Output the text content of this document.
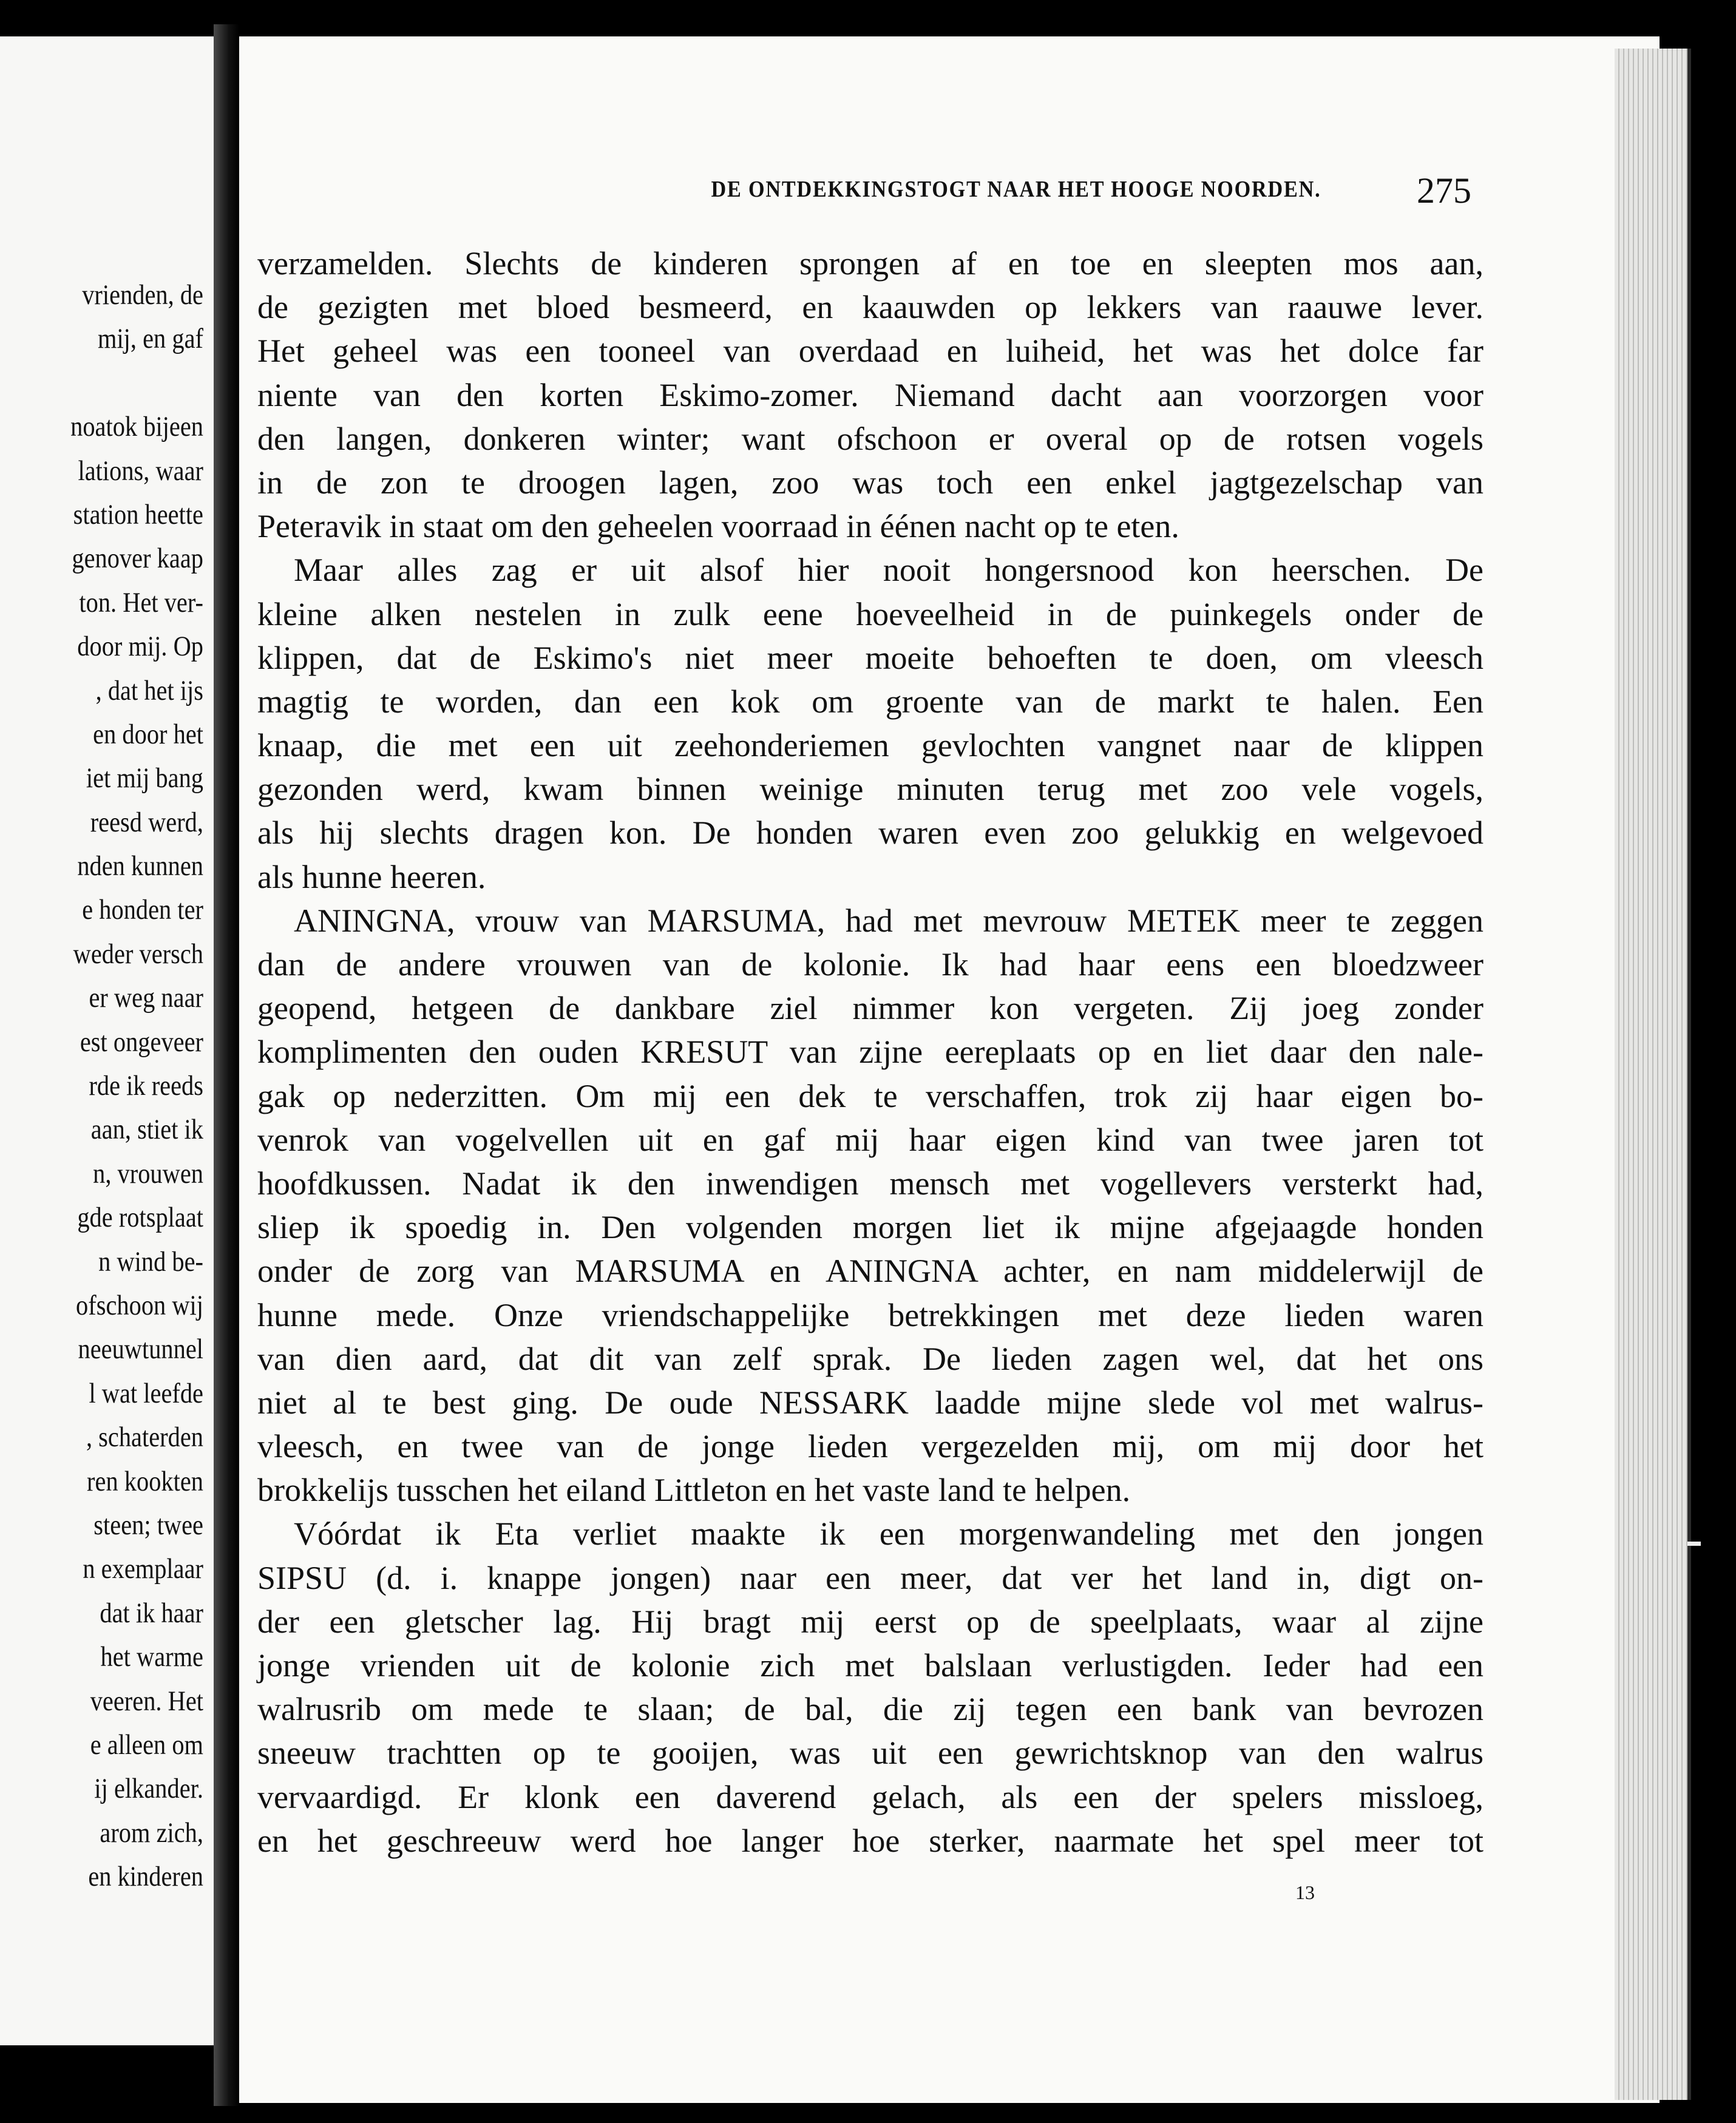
vrienden, de
mij, en gaf
noatok bijeen
lations, waar
station heette
genover kaap
ton. Het ver-
door mij. Op
, dat het ijs
en door het
iet mij bang
reesd werd,
nden kunnen
e honden ter
weder versch
er weg naar
est ongeveer
rde ik reeds
aan, stiet ik
n, vrouwen
gde rotsplaat
n wind be-
ofschoon wij
neeuwtunnel
l wat leefde
, schaterden
ren kookten
steen; twee
n exemplaar
dat ik haar
het warme
veeren. Het
e alleen om
ij elkander.
arom zich,
en kinderen
DE ONTDEKKINGSTOGT NAAR HET HOOGE NOORDEN.	275
verzamelden. Slechts de kinderen sprongen af en toe en sleepten mos aan,
de gezigten met bloed besmeerd, en kaauwden op lekkers van raauwe lever.
Het geheel was een tooneel van overdaad en luiheid, het was het dolce far
niente van den korten Eskimo-zomer. Niemand dacht aan voorzorgen voor
den langen, donkeren winter; want ofschoon er overal op de rotsen vogels
in de zon te droogen lagen, zoo was toch een enkel jagtgezelschap van
Peteravik in staat om den geheelen voorraad in éénen nacht op te eten.
Maar alles zag er uit alsof hier nooit hongersnood kon heerschen. De
kleine alken nestelen in zulk eene hoeveelheid in de puinkegels onder de
klippen, dat de Eskimo's niet meer moeite behoeften te doen, om vleesch
magtig te worden, dan een kok om groente van de markt te halen. Een
knaap, die met een uit zeehonderiemen gevlochten vangnet naar de klippen
gezonden werd, kwam binnen weinige minuten terug met zoo vele vogels,
als hij slechts dragen kon. De honden waren even zoo gelukkig en welgevoed
als hunne heeren.
ANINGNA, vrouw van MARSUMA, had met mevrouw METEK meer te zeggen
dan de andere vrouwen van de kolonie. Ik had haar eens een bloedzweer
geopend, hetgeen de dankbare ziel nimmer kon vergeten. Zij joeg zonder
komplimenten den ouden KRESUT van zijne eereplaats op en liet daar den nale-
gak op nederzitten. Om mij een dek te verschaffen, trok zij haar eigen bo-
venrok van vogelvellen uit en gaf mij haar eigen kind van twee jaren tot
hoofdkussen. Nadat ik den inwendigen mensch met vogellevers versterkt had,
sliep ik spoedig in. Den volgenden morgen liet ik mijne afgejaagde honden
onder de zorg van MARSUMA en ANINGNA achter, en nam middelerwijl de
hunne mede. Onze vriendschappelijke betrekkingen met deze lieden waren
van dien aard, dat dit van zelf sprak. De lieden zagen wel, dat het ons
niet al te best ging. De oude NESSARK laadde mijne slede vol met walrus-
vleesch, en twee van de jonge lieden vergezelden mij, om mij door het
brokkelijs tusschen het eiland Littleton en het vaste land te helpen.
Vóórdat ik Eta verliet maakte ik een morgenwandeling met den jongen
SIPSU (d. i. knappe jongen) naar een meer, dat ver het land in, digt on-
der een gletscher lag. Hij bragt mij eerst op de speelplaats, waar al zijne
jonge vrienden uit de kolonie zich met balslaan verlustigden. Ieder had een
walrusrib om mede te slaan; de bal, die zij tegen een bank van bevrozen
sneeuw trachtten op te gooijen, was uit een gewrichtsknop van den walrus
vervaardigd. Er klonk een daverend gelach, als een der spelers missloeg,
en het geschreeuw werd hoe langer hoe sterker, naarmate het spel meer tot
13
